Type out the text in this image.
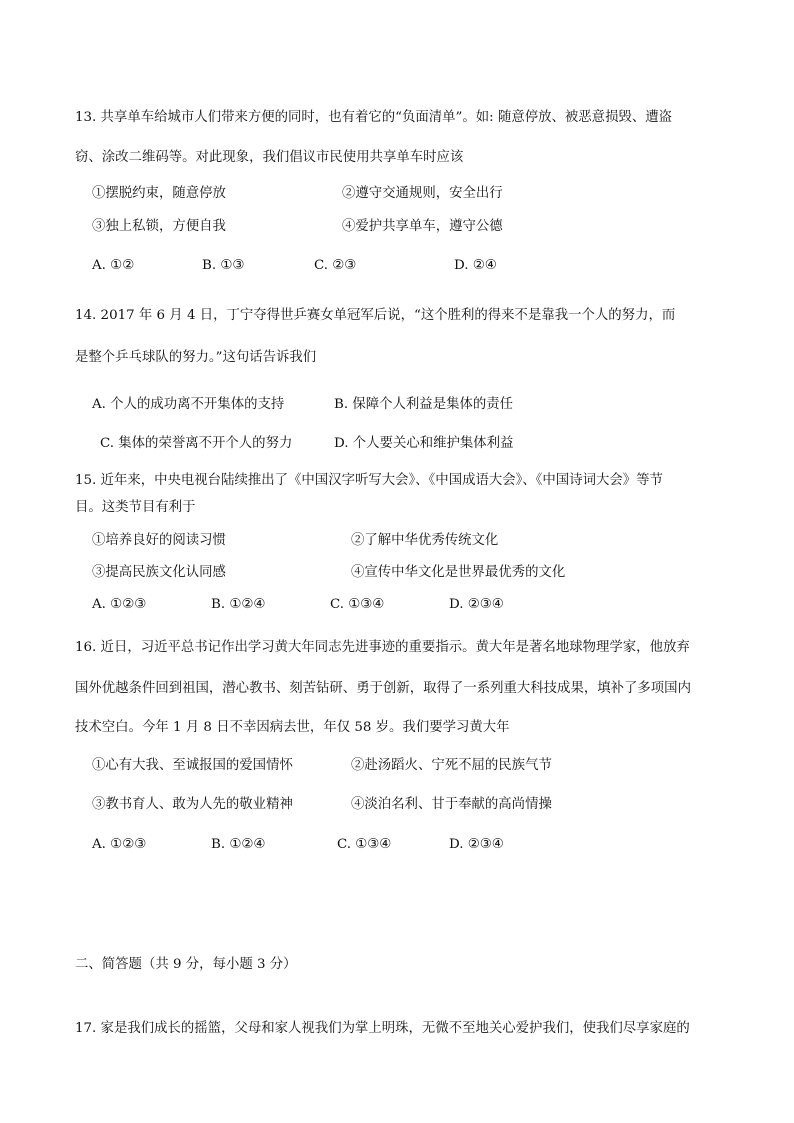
13. 共享单车给城市人们带来方便的同时，也有着它的“负面清单”。如: 随意停放、被恶意损毁、遭盗
窃、涂改二维码等。对此现象，我们倡议市民使用共享单车时应该
①摆脱约束，随意停放	②遵守交通规则，安全出行
③独上私锁，方便自我	④爱护共享单车，遵守公德
A. ①②	B. ①③	C. ②③	D. ②④
14. 2017 年 6 月 4 日，丁宁夺得世乒赛女单冠军后说，“这个胜利的得来不是靠我一个人的努力，而
是整个乒乓球队的努力。”这句话告诉我们
A. 个人的成功离不开集体的支持	B. 保障个人利益是集体的责任
C. 集体的荣誉离不开个人的努力	D. 个人要关心和维护集体利益
15. 近年来，中央电视台陆续推出了《中国汉字听写大会》、《中国成语大会》、《中国诗词大会》等节
目。这类节目有利于
①培养良好的阅读习惯	②了解中华优秀传统文化
③提高民族文化认同感	④宣传中华文化是世界最优秀的文化
A. ①②③	B. ①②④	C. ①③④	D. ②③④
16. 近日，习近平总书记作出学习黄大年同志先进事迹的重要指示。黄大年是著名地球物理学家，他放弃
国外优越条件回到祖国，潜心教书、刻苦钻研、勇于创新，取得了一系列重大科技成果，填补了多项国内
技术空白。今年 1 月 8 日不幸因病去世，年仅 58 岁。我们要学习黄大年
①心有大我、至诚报国的爱国情怀	②赴汤蹈火、宁死不屈的民族气节
③教书育人、敢为人先的敬业精神	④淡泊名利、甘于奉献的高尚情操
A. ①②③	B. ①②④	C. ①③④	D. ②③④
二、简答题（共 9 分，每小题 3 分）
17. 家是我们成长的摇篮，父母和家人视我们为掌上明珠，无微不至地关心爱护我们，使我们尽享家庭的
